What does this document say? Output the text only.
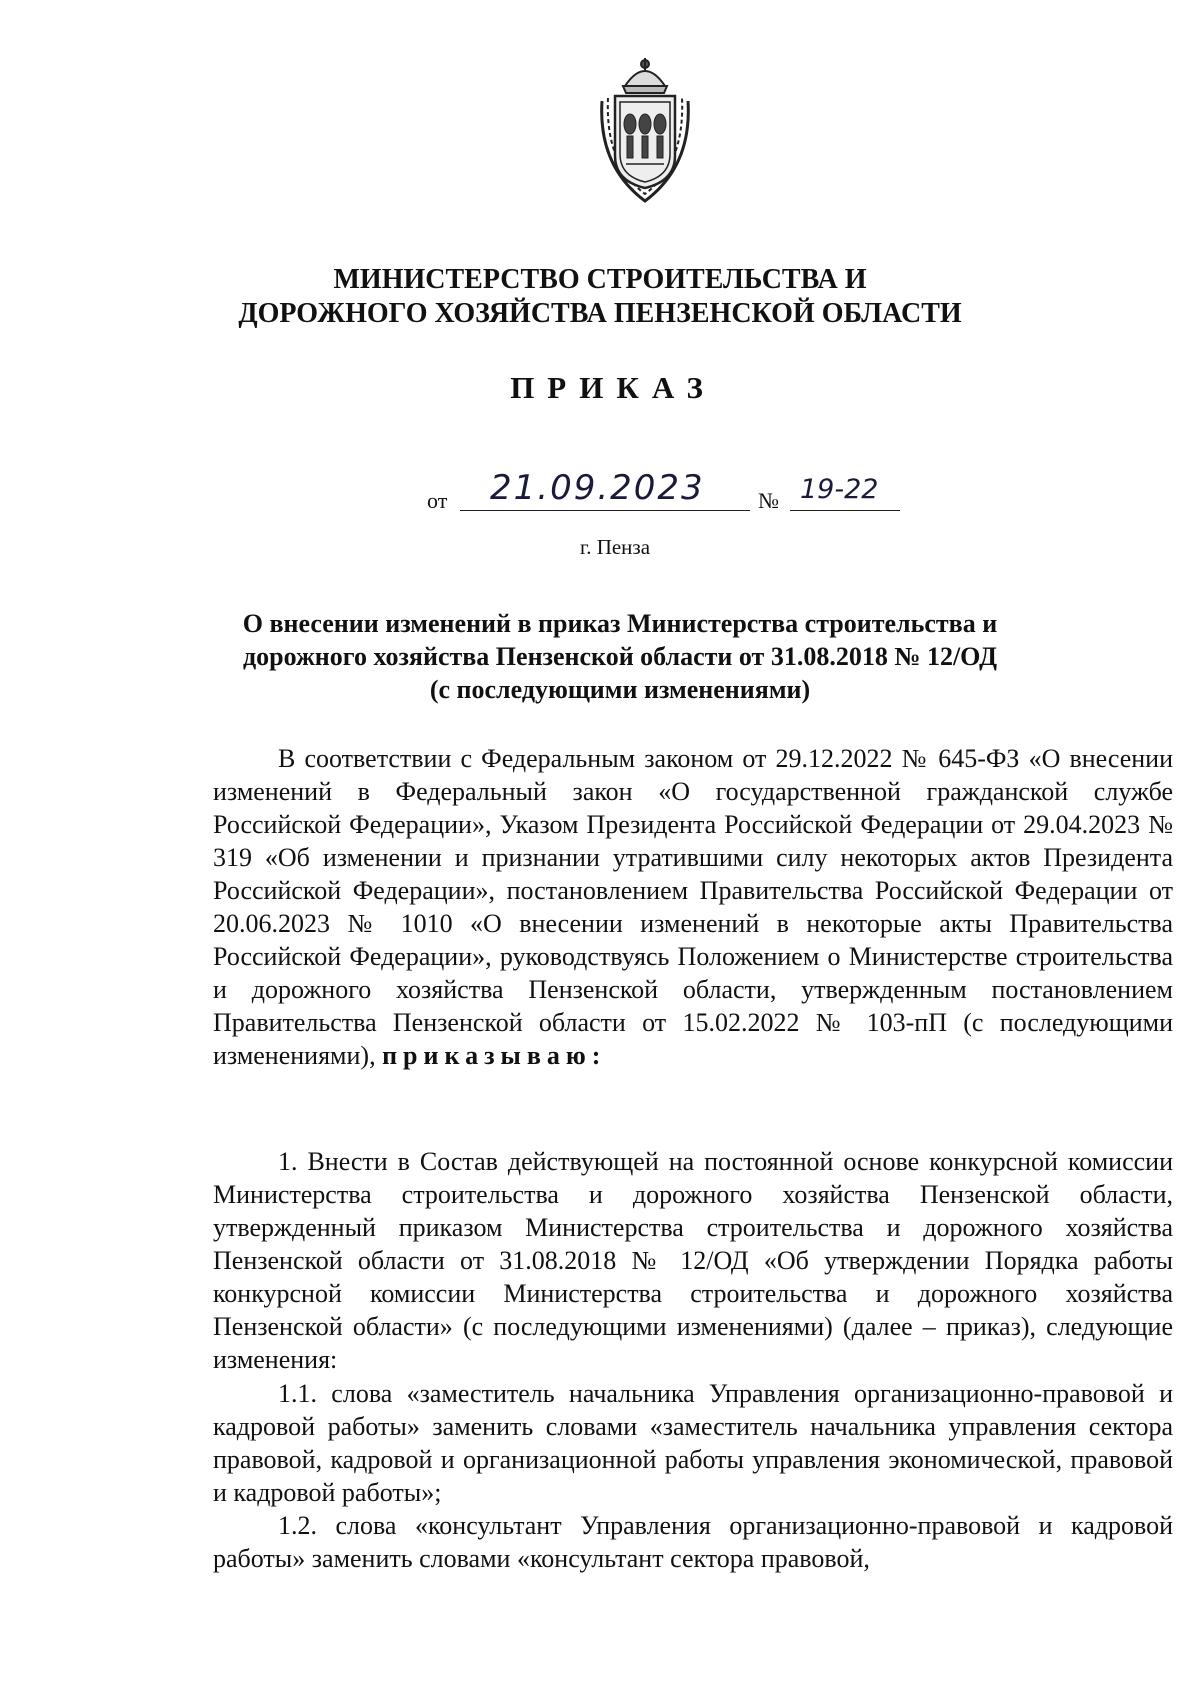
МИНИСТЕРСТВО СТРОИТЕЛЬСТВА И
ДОРОЖНОГО ХОЗЯЙСТВА ПЕНЗЕНСКОЙ ОБЛАСТИ
ПРИКАЗ
от 21.09.2023 № 19-22
г. Пенза
О внесении изменений в приказ Министерства строительства и
дорожного хозяйства Пензенской области от 31.08.2018 № 12/ОД
(с последующими изменениями)
В соответствии с Федеральным законом от 29.12.2022 № 645-ФЗ «О внесении изменений в Федеральный закон «О государственной гражданской службе Российской Федерации», Указом Президента Российской Федерации от 29.04.2023 № 319 «Об изменении и признании утратившими силу некоторых актов Президента Российской Федерации», постановлением Правительства Российской Федерации от 20.06.2023 № 1010 «О внесении изменений в некоторые акты Правительства Российской Федерации», руководствуясь Положением о Министерстве строительства и дорожного хозяйства Пензенской области, утвержденным постановлением Правительства Пензенской области от 15.02.2022 № 103-пП (с последующими изменениями), приказываю:
1. Внести в Состав действующей на постоянной основе конкурсной комиссии Министерства строительства и дорожного хозяйства Пензенской области, утвержденный приказом Министерства строительства и дорожного хозяйства Пензенской области от 31.08.2018 № 12/ОД «Об утверждении Порядка работы конкурсной комиссии Министерства строительства и дорожного хозяйства Пензенской области» (с последующими изменениями) (далее – приказ), следующие изменения:
1.1. слова «заместитель начальника Управления организационно-правовой и кадровой работы» заменить словами «заместитель начальника управления сектора правовой, кадровой и организационной работы управления экономической, правовой и кадровой работы»;
1.2. слова «консультант Управления организационно-правовой и кадровой работы» заменить словами «консультант сектора правовой,
